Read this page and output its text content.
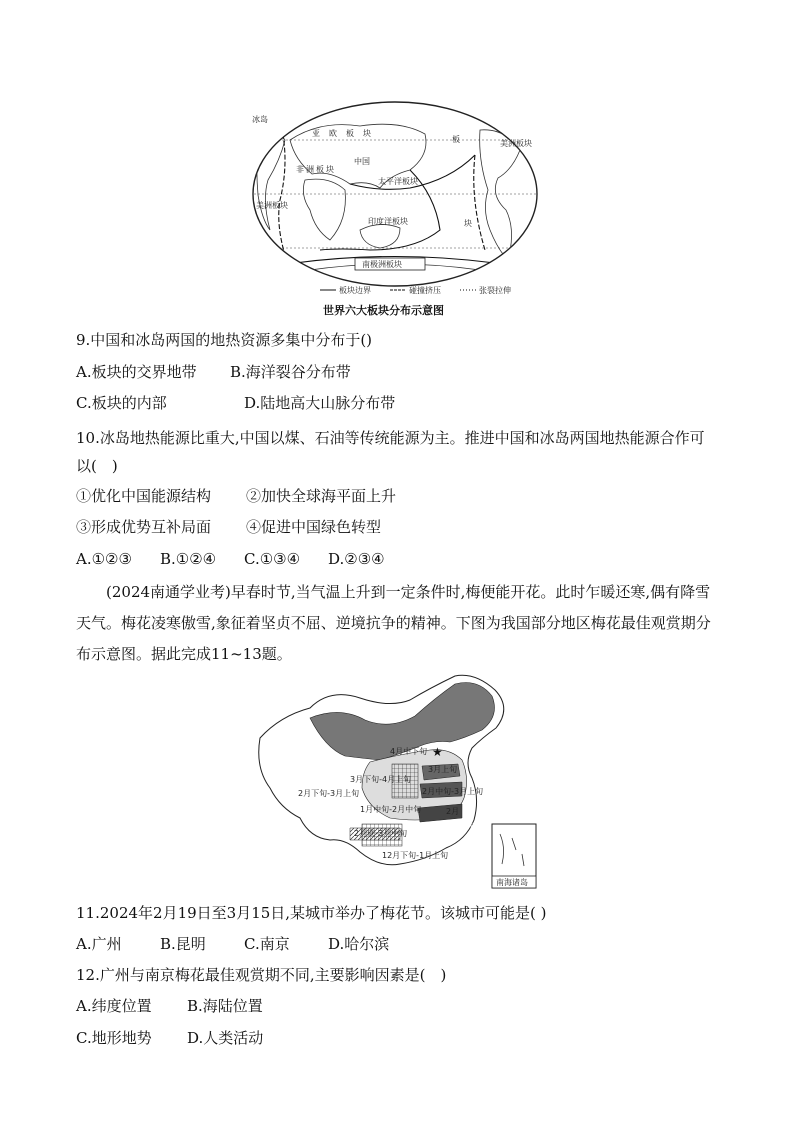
冰岛
亚欧板块
中国
太平洋板块
印度洋板块
非洲板块
美洲板块
美洲板块
板
块
南极洲板块
板块边界	碰撞挤压	张裂拉伸
世界六大板块分布示意图
9.中国和冰岛两国的地热资源多集中分布于()
A.板块的交界地带 B.海洋裂谷分布带
C.板块的内部	D.陆地高大山脉分布带
10.冰岛地热能源比重大,中国以煤、石油等传统能源为主。推进中国和冰岛两国地热能源合作可以(　)
①优化中国能源结构 ②加快全球海平面上升
③形成优势互补局面 ④促进中国绿色转型
A.①②③ B.①②④ C.①③④ D.②③④
(2024南通学业考)早春时节,当气温上升到一定条件时,梅便能开花。此时乍暖还寒,偶有降雪天气。梅花凌寒傲雪,象征着坚贞不屈、逆境抗争的精神。下图为我国部分地区梅花最佳观赏期分布示意图。据此完成11~13题。
★
4月中下旬
3月上旬
3月下旬-4月上旬
2月下旬-3月上旬	2月中旬-3月上旬
1月中旬-2月中旬	2月
12月下旬-1月上旬
1月下旬-2月中旬
2月底-3月中旬
南海诸岛
11.2024年2月19日至3月15日,某城市举办了梅花节。该城市可能是( )
A.广州	B.昆明	C.南京	D.哈尔滨
12.广州与南京梅花最佳观赏期不同,主要影响因素是(　)
A.纬度位置 B.海陆位置
C.地形地势 D.人类活动
